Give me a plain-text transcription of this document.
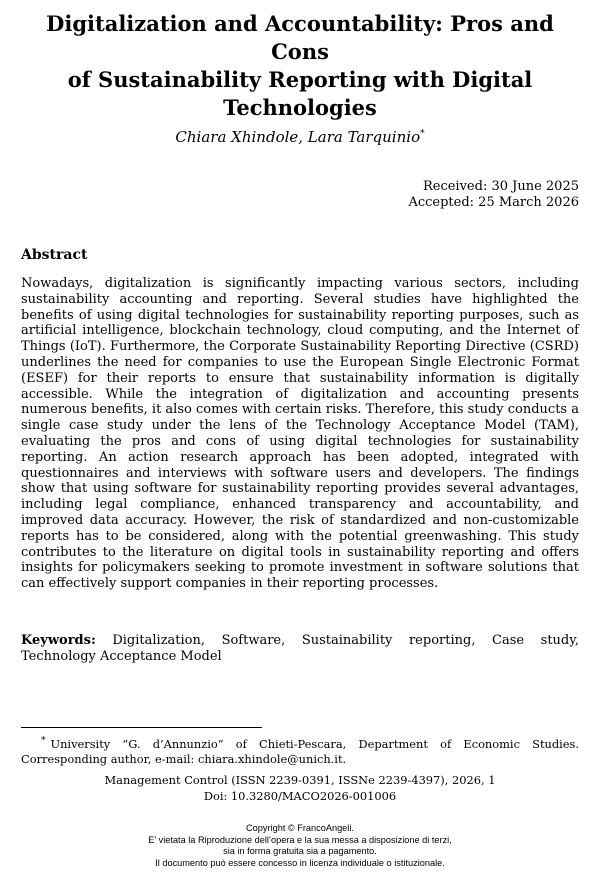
Digitalization and Accountability: Pros and Cons
of Sustainability Reporting with Digital
Technologies
Chiara Xhindole, Lara Tarquinio*
Received: 30 June 2025
Accepted: 25 March 2026
Abstract

Nowadays, digitalization is significantly impacting various sectors, including sustainability accounting and reporting. Several studies have highlighted the benefits of using digital technologies for sustainability reporting purposes, such as artificial intelligence, blockchain technology, cloud computing, and the Internet of Things (IoT). Furthermore, the Corporate Sustainability Reporting Directive (CSRD) underlines the need for companies to use the European Single Electronic Format (ESEF) for their reports to ensure that sustainability information is digitally accessible. While the integration of digitalization and accounting presents numerous benefits, it also comes with certain risks. Therefore, this study conducts a single case study under the lens of the Technology Acceptance Model (TAM), evaluating the pros and cons of using digital technologies for sustainability reporting. An action research approach has been adopted, integrated with questionnaires and interviews with software users and developers. The findings show that using software for sustainability reporting provides several advantages, including legal compliance, enhanced transparency and accountability, and improved data accuracy. However, the risk of standardized and non-customizable reports has to be considered, along with the potential greenwashing. This study contributes to the literature on digital tools in sustainability reporting and offers insights for policymakers seeking to promote investment in software solutions that can effectively support companies in their reporting processes.

Keywords: Digitalization, Software, Sustainability reporting, Case study, Technology Acceptance Model

* University “G. d’Annunzio” of Chieti-Pescara, Department of Economic Studies. Corresponding author, e-mail: chiara.xhindole@unich.it.

Management Control (ISSN 2239-0391, ISSNe 2239-4397), 2026, 1
Doi: 10.3280/MACO2026-001006
Copyright © FrancoAngeli.
E’ vietata la Riproduzione dell’opera e la sua messa a disposizione di terzi,
sia in forma gratuita sia a pagamento.
Il documento può essere concesso in licenza individuale o istituzionale.
